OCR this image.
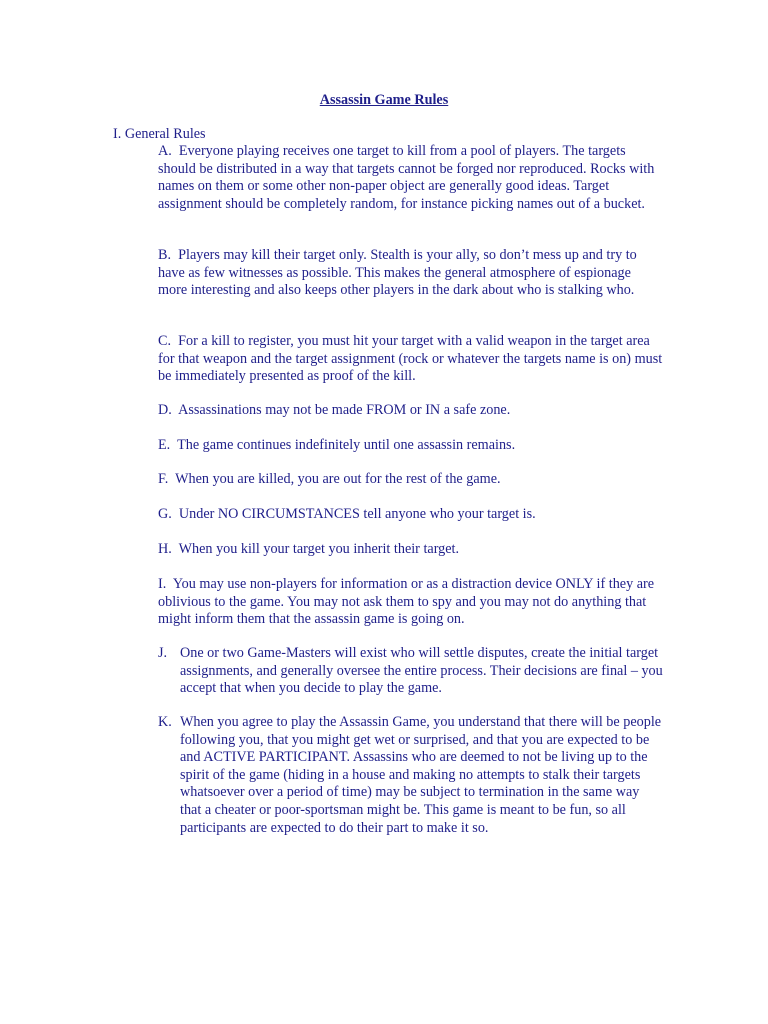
Assassin Game Rules
I. General Rules
A.  Everyone playing receives one target to kill from a pool of players. The targets should be distributed in a way that targets cannot be forged nor reproduced. Rocks with names on them or some other non-paper object are generally good ideas. Target assignment should be completely random, for instance picking names out of a bucket.
B.  Players may kill their target only. Stealth is your ally, so don’t mess up and try to have as few witnesses as possible. This makes the general atmosphere of espionage more interesting and also keeps other players in the dark about who is stalking who.
C.  For a kill to register, you must hit your target with a valid weapon in the target area for that weapon and the target assignment (rock or whatever the targets name is on) must be immediately presented as proof of the kill.
D.  Assassinations may not be made FROM or IN a safe zone.
E.  The game continues indefinitely until one assassin remains.
F.  When you are killed, you are out for the rest of the game.
G.  Under NO CIRCUMSTANCES tell anyone who your target is.
H.  When you kill your target you inherit their target.
I.  You may use non-players for information or as a distraction device ONLY if they are oblivious to the game. You may not ask them to spy and you may not do anything that might inform them that the assassin game is going on.
J. One or two Game-Masters will exist who will settle disputes, create the initial target assignments, and generally oversee the entire process. Their decisions are final – you accept that when you decide to play the game.
K. When you agree to play the Assassin Game, you understand that there will be people following you, that you might get wet or surprised, and that you are expected to be and ACTIVE PARTICIPANT. Assassins who are deemed to not be living up to the spirit of the game (hiding in a house and making no attempts to stalk their targets whatsoever over a period of time) may be subject to termination in the same way that a cheater or poor-sportsman might be. This game is meant to be fun, so all participants are expected to do their part to make it so.
